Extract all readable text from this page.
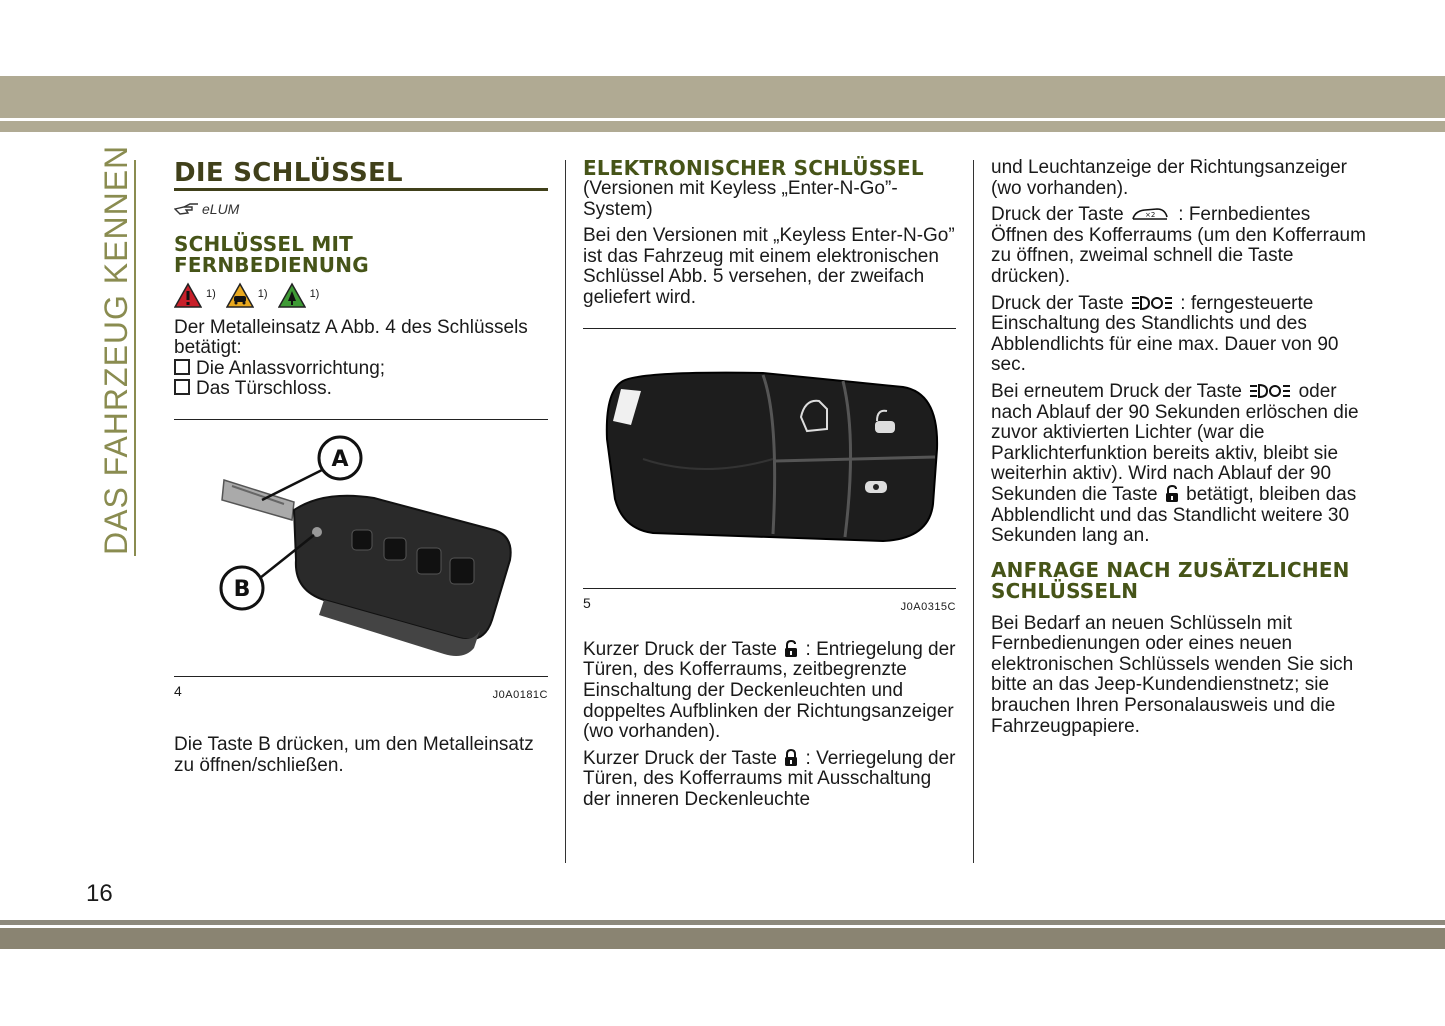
DAS FAHRZEUG KENNEN DIE SCHLÜSSEL
eLUM
SCHLÜSSEL MIT FERNBEDIENUNG
1)	1)	1)

Der Metalleinsatz A Abb. 4 des Schlüssels betätigt:

Die Anlassvorrichtung;
Das Türschloss.
A
B
4	J0A0181C

Die Taste B drücken, um den Metalleinsatz zu öffnen/schließen.

ELEKTRONISCHER SCHLÜSSEL

(Versionen mit Keyless „Enter-N-Go”-System)

Bei den Versionen mit „Keyless Enter-N-Go” ist das Fahrzeug mit einem elektronischen Schlüssel Abb. 5 versehen, der zweifach geliefert wird.

5	J0A0315C

Kurzer Druck der Taste : Entriegelung der Türen, des Kofferraums, zeitbegrenzte Einschaltung der Deckenleuchten und doppeltes Aufblinken der Richtungsanzeiger (wo vorhanden).

Kurzer Druck der Taste : Verriegelung der Türen, des Kofferraums mit Ausschaltung der inneren Deckenleuchte

und Leuchtanzeige der Richtungsanzeiger (wo vorhanden).

Druck der Taste	×2 : Fernbedientes Öffnen des Kofferraums (um den Kofferraum zu öffnen, zweimal schnell die Taste drücken).

Druck der Taste	: ferngesteuerte Einschaltung des Standlichts und des Abblendlichts für eine max. Dauer von 90 sec.

Bei erneutem Druck der Taste	oder nach Ablauf der 90 Sekunden erlöschen die zuvor aktivierten Lichter (war die Parklichterfunktion bereits aktiv, bleibt sie weiterhin aktiv). Wird nach Ablauf der 90 Sekunden die Taste betätigt, bleiben das Abblendlicht und das Standlicht weitere 30 Sekunden lang an.

ANFRAGE NACH ZUSÄTZLICHEN SCHLÜSSELN

Bei Bedarf an neuen Schlüsseln mit Fernbedienungen oder eines neuen elektronischen Schlüssels wenden Sie sich bitte an das Jeep-Kundendienstnetz; sie brauchen Ihren Personalausweis und die Fahrzeugpapiere.

16
